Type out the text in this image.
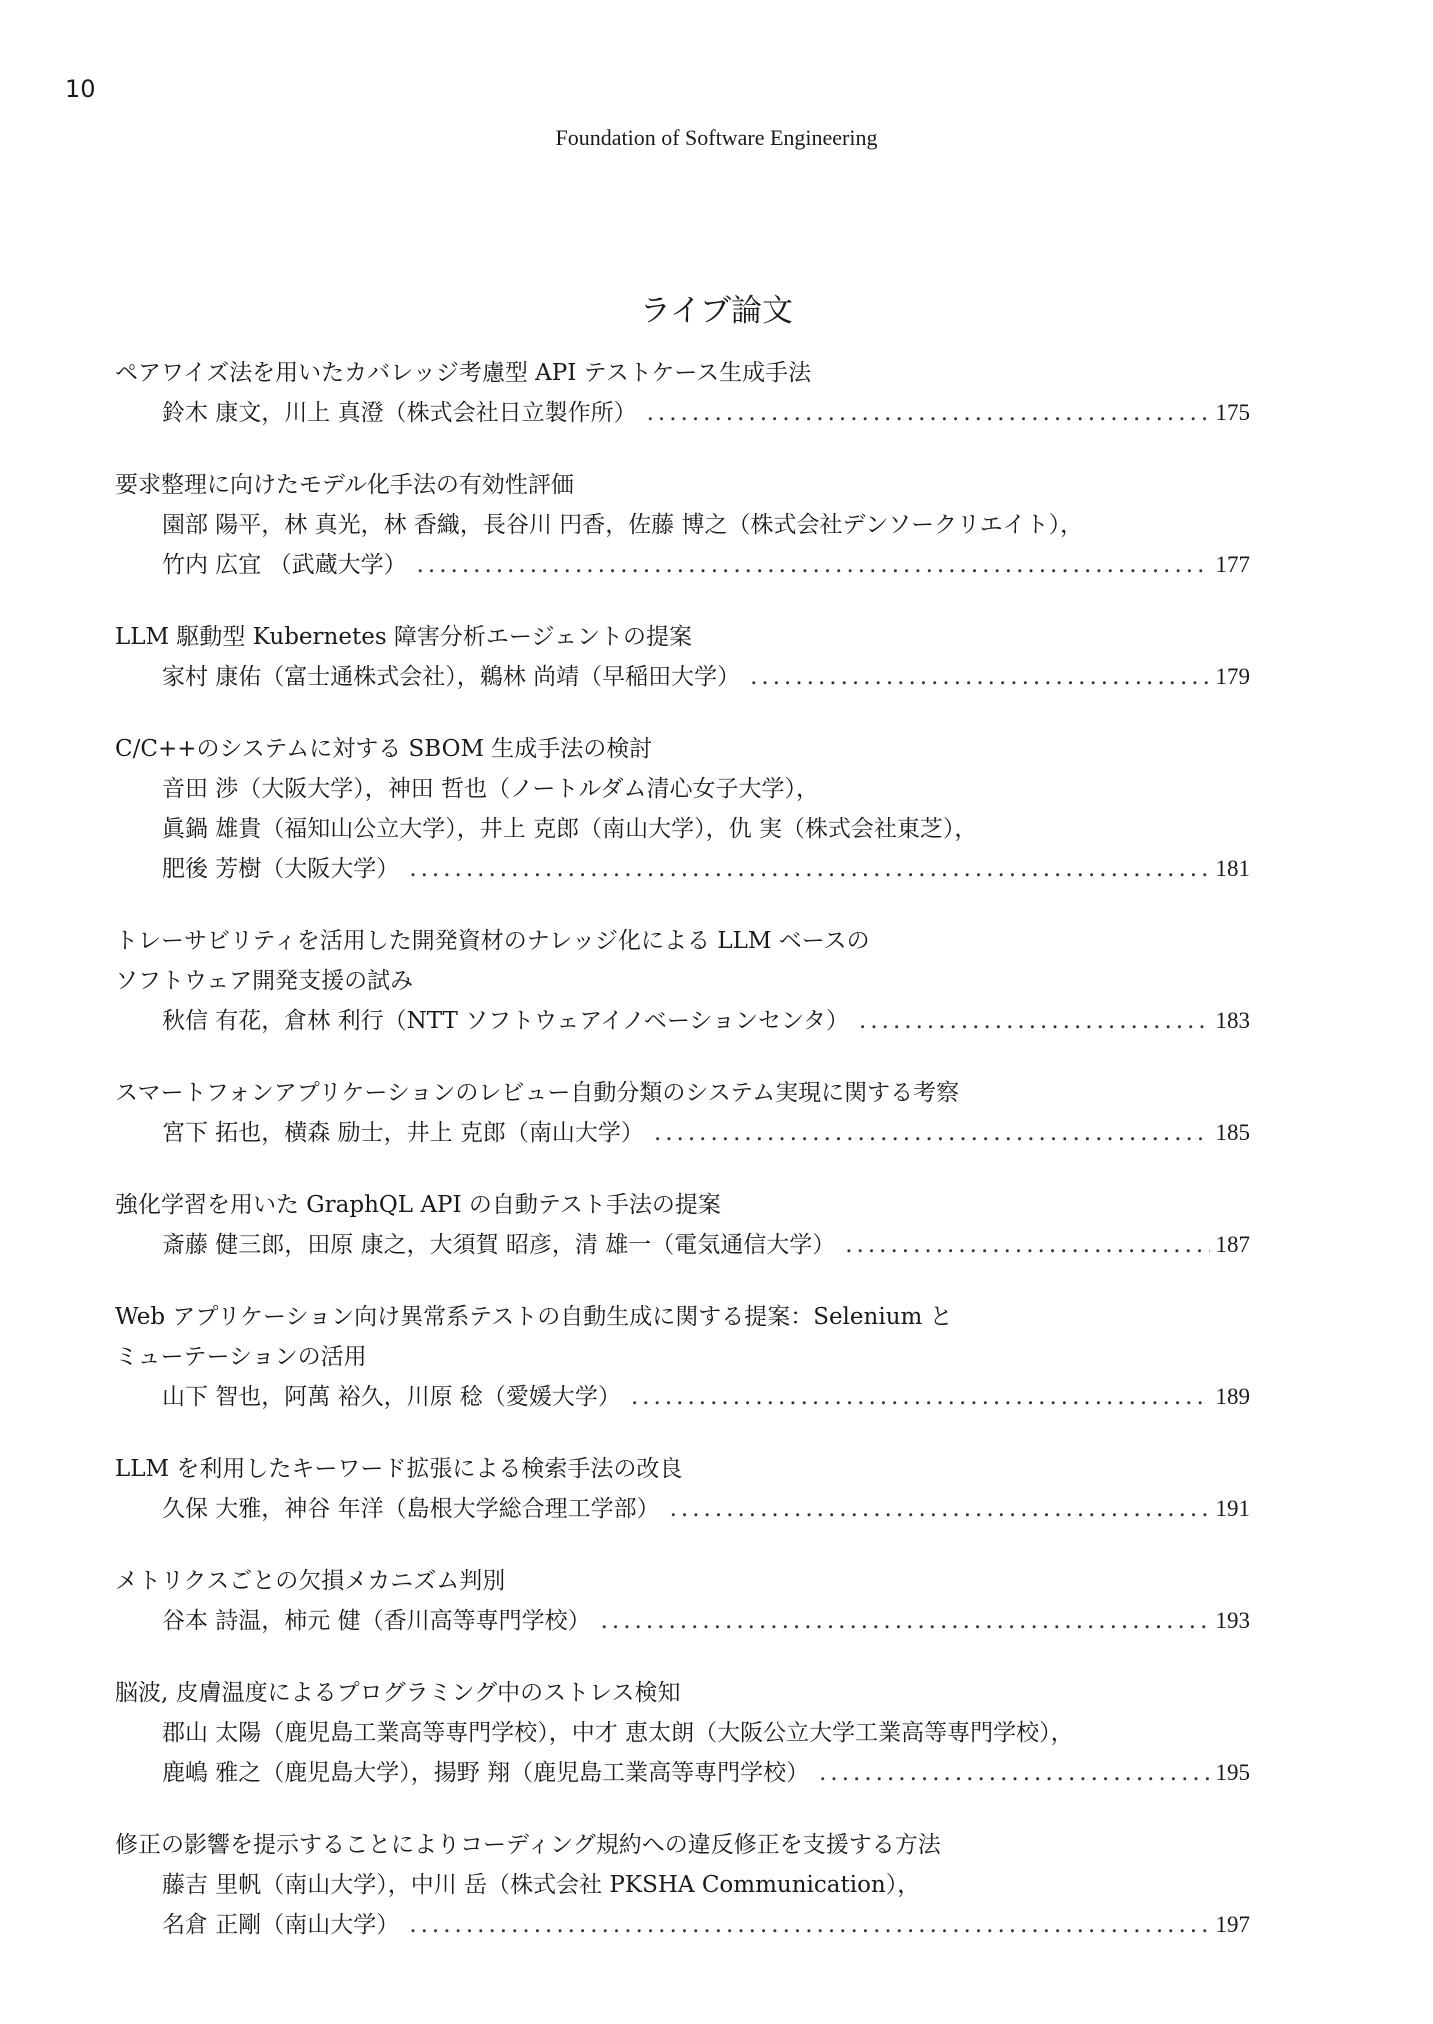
10
Foundation of Software Engineering
ライブ論文
ペアワイズ法を用いたカバレッジ考慮型 API テストケース生成手法
鈴木 康文，川上 真澄（株式会社日立製作所） .....	175
要求整理に向けたモデル化手法の有効性評価
園部 陽平，林 真光，林 香織，長谷川 円香，佐藤 博之（株式会社デンソークリエイト），
竹内 広宜 （武蔵大学） .....	177
LLM 駆動型 Kubernetes 障害分析エージェントの提案
家村 康佑（富士通株式会社），鵜林 尚靖（早稲田大学） .....	179
C/C++のシステムに対する SBOM 生成手法の検討
音田 渉（大阪大学），神田 哲也（ノートルダム清心女子大学），
眞鍋 雄貴（福知山公立大学），井上 克郎（南山大学），仇 実（株式会社東芝），
肥後 芳樹（大阪大学） .....	181
トレーサビリティを活用した開発資材のナレッジ化による LLM ベースの
ソフトウェア開発支援の試み
秋信 有花，倉林 利行（NTT ソフトウェアイノベーションセンタ） .....	183
スマートフォンアプリケーションのレビュー自動分類のシステム実現に関する考察
宮下 拓也，横森 励士，井上 克郎（南山大学） .....	185
強化学習を用いた GraphQL API の自動テスト手法の提案
斎藤 健三郎，田原 康之，大須賀 昭彦，清 雄一（電気通信大学） .....	187
Web アプリケーション向け異常系テストの自動生成に関する提案：Selenium と
ミューテーションの活用
山下 智也，阿萬 裕久，川原 稔（愛媛大学） .....	189
LLM を利用したキーワード拡張による検索手法の改良
久保 大雅，神谷 年洋（島根大学総合理工学部） .....	191
メトリクスごとの欠損メカニズム判別
谷本 詩温，柿元 健（香川高等専門学校） .....	193
脳波, 皮膚温度によるプログラミング中のストレス検知
郡山 太陽（鹿児島工業高等専門学校），中才 恵太朗（大阪公立大学工業高等専門学校），
鹿嶋 雅之（鹿児島大学），揚野 翔（鹿児島工業高等専門学校） .....	195
修正の影響を提示することによりコーディング規約への違反修正を支援する方法
藤吉 里帆（南山大学），中川 岳（株式会社 PKSHA Communication），
名倉 正剛（南山大学） .....	197
